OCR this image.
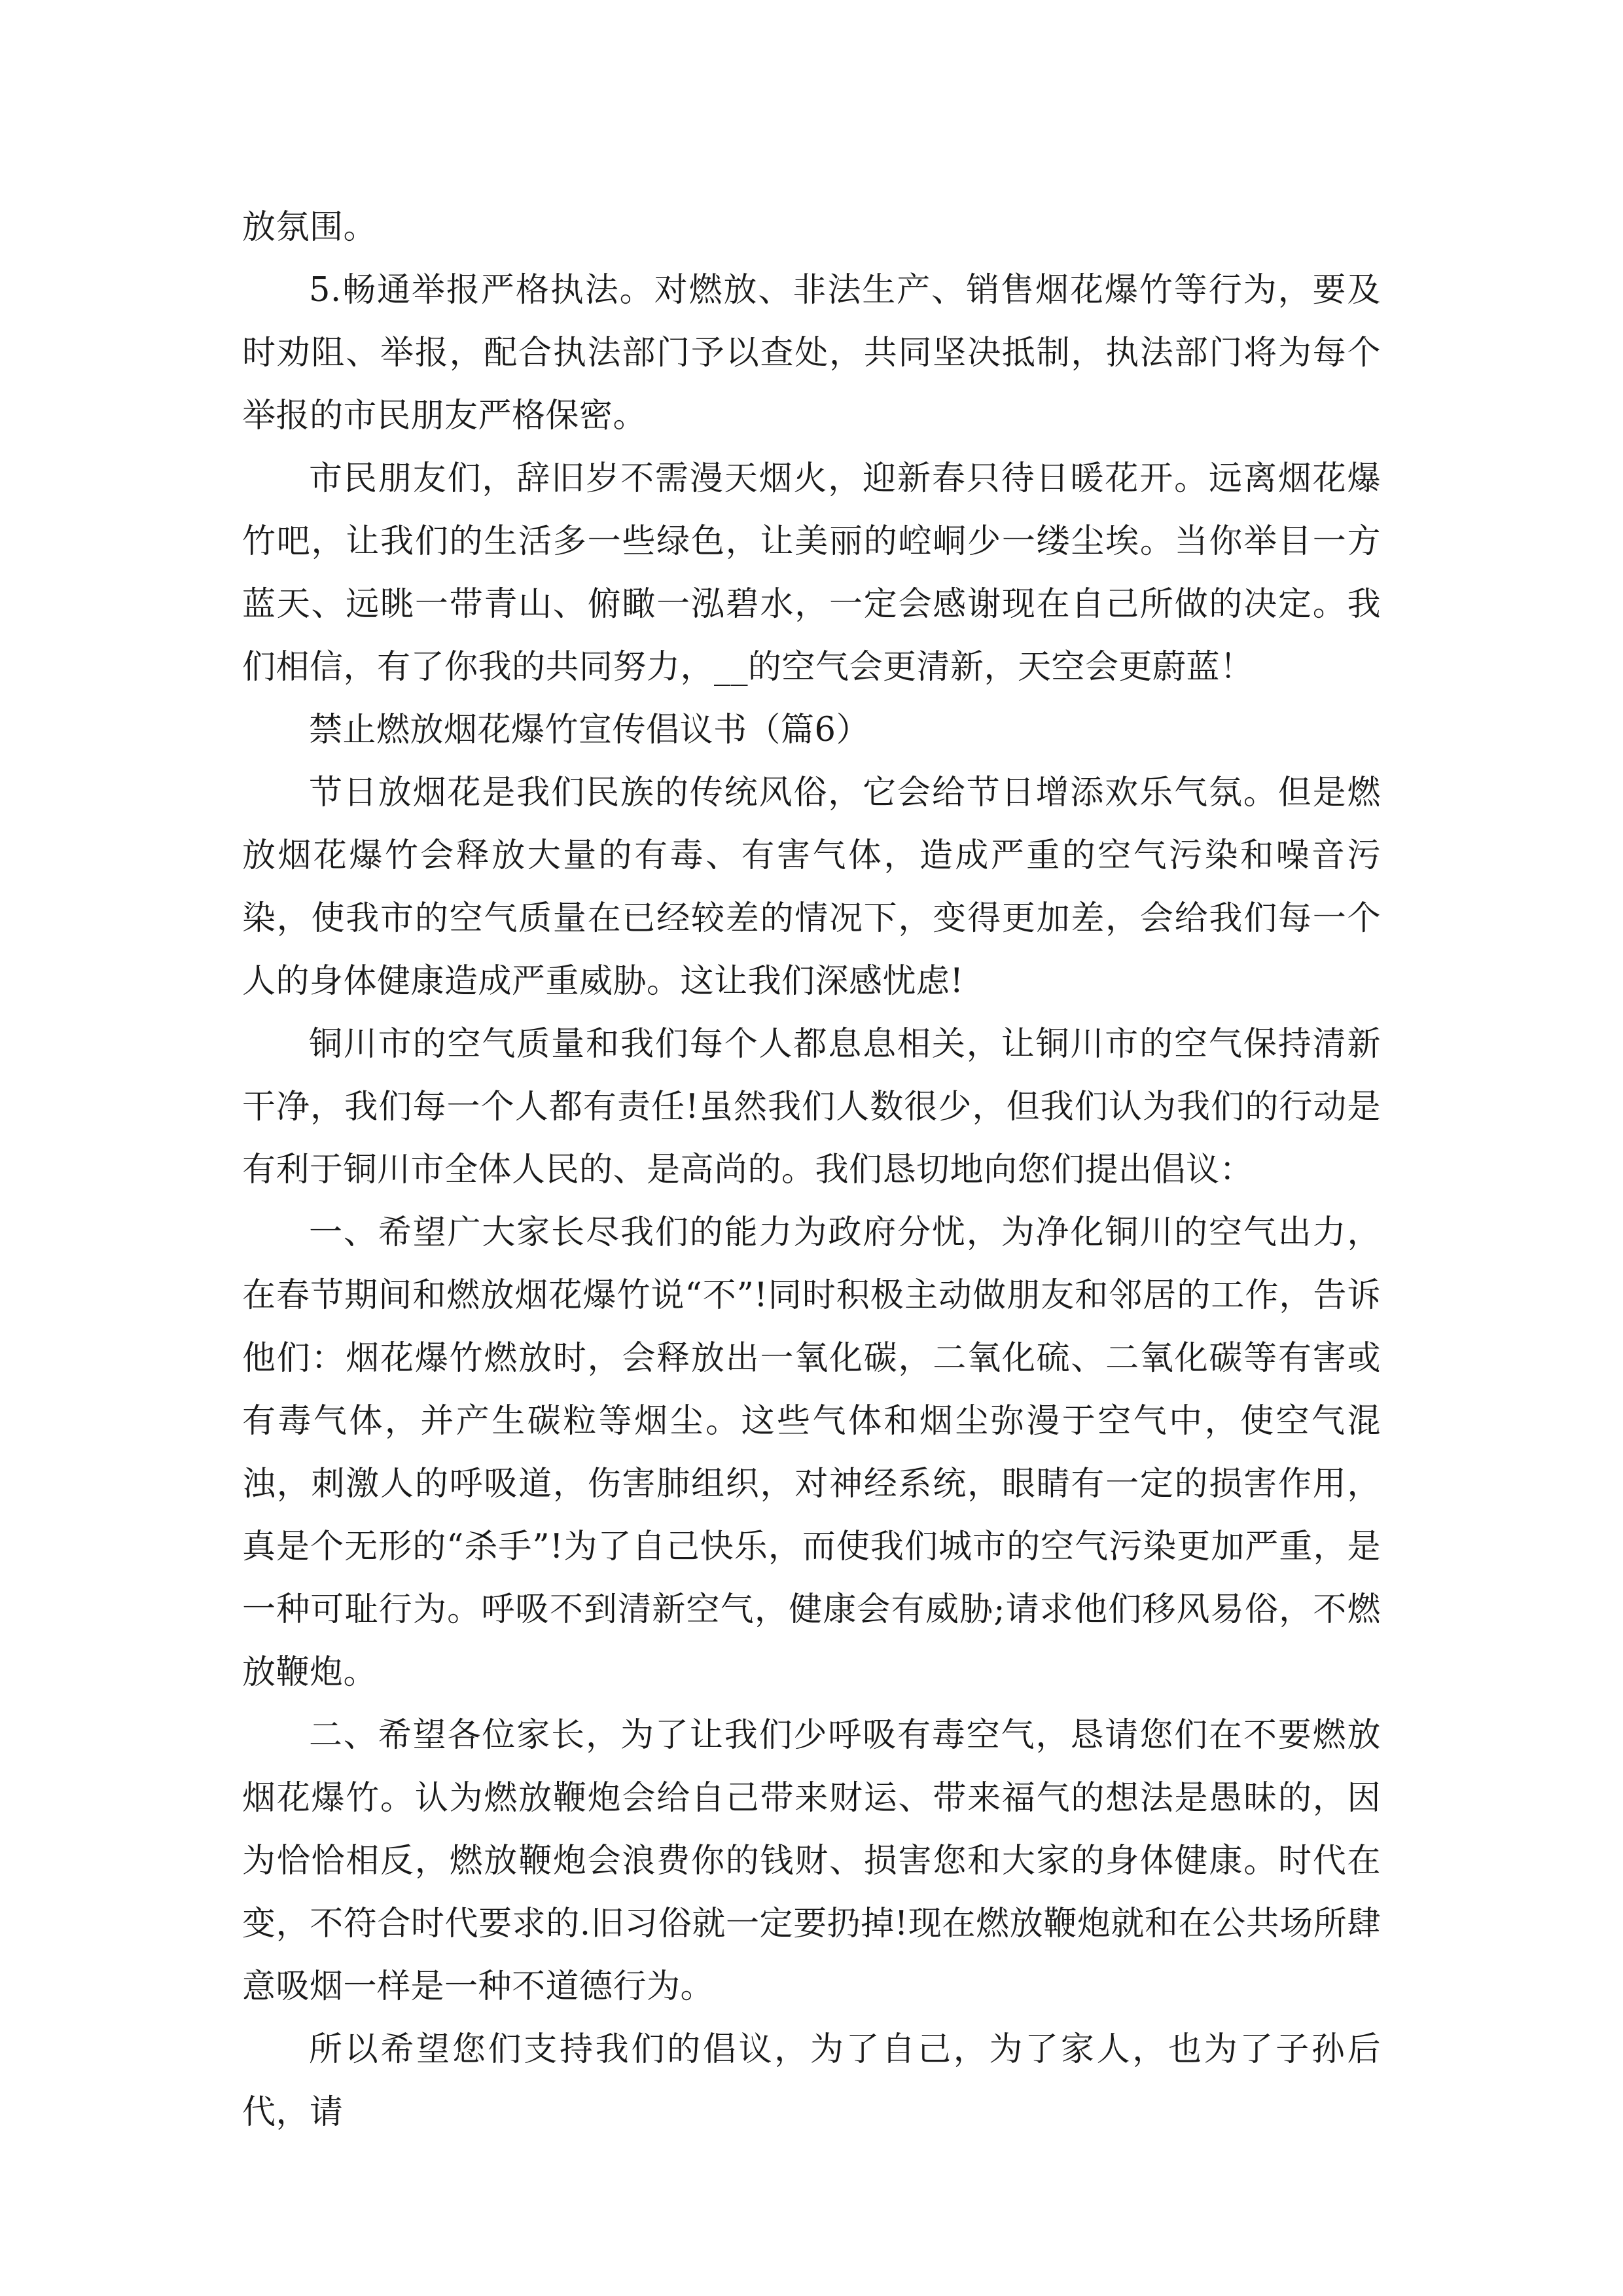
放氛围。

5.畅通举报严格执法。对燃放、非法生产、销售烟花爆竹等行为，要及时劝阻、举报，配合执法部门予以查处，共同坚决抵制，执法部门将为每个举报的市民朋友严格保密。

市民朋友们，辞旧岁不需漫天烟火，迎新春只待日暖花开。远离烟花爆竹吧，让我们的生活多一些绿色，让美丽的崆峒少一缕尘埃。当你举目一方蓝天、远眺一带青山、俯瞰一泓碧水，一定会感谢现在自己所做的决定。我们相信，有了你我的共同努力，__的空气会更清新，天空会更蔚蓝！

禁止燃放烟花爆竹宣传倡议书（篇6）

节日放烟花是我们民族的传统风俗，它会给节日增添欢乐气氛。但是燃放烟花爆竹会释放大量的有毒、有害气体，造成严重的空气污染和噪音污染，使我市的空气质量在已经较差的情况下，变得更加差，会给我们每一个人的身体健康造成严重威胁。这让我们深感忧虑!

铜川市的空气质量和我们每个人都息息相关，让铜川市的空气保持清新干净，我们每一个人都有责任!虽然我们人数很少，但我们认为我们的行动是有利于铜川市全体人民的、是高尚的。我们恳切地向您们提出倡议：

一、希望广大家长尽我们的能力为政府分忧，为净化铜川的空气出力，在春节期间和燃放烟花爆竹说“不”!同时积极主动做朋友和邻居的工作，告诉他们：烟花爆竹燃放时，会释放出一氧化碳，二氧化硫、二氧化碳等有害或有毒气体，并产生碳粒等烟尘。这些气体和烟尘弥漫于空气中，使空气混浊，刺激人的呼吸道，伤害肺组织，对神经系统，眼睛有一定的损害作用，真是个无形的“杀手”!为了自己快乐，而使我们城市的空气污染更加严重，是一种可耻行为。呼吸不到清新空气，健康会有威胁;请求他们移风易俗，不燃放鞭炮。

二、希望各位家长，为了让我们少呼吸有毒空气，恳请您们在不要燃放烟花爆竹。认为燃放鞭炮会给自己带来财运、带来福气的想法是愚昧的，因为恰恰相反，燃放鞭炮会浪费你的钱财、损害您和大家的身体健康。时代在变，不符合时代要求的.旧习俗就一定要扔掉!现在燃放鞭炮就和在公共场所肆意吸烟一样是一种不道德行为。

所以希望您们支持我们的倡议，为了自己，为了家人，也为了子孙后代，请
